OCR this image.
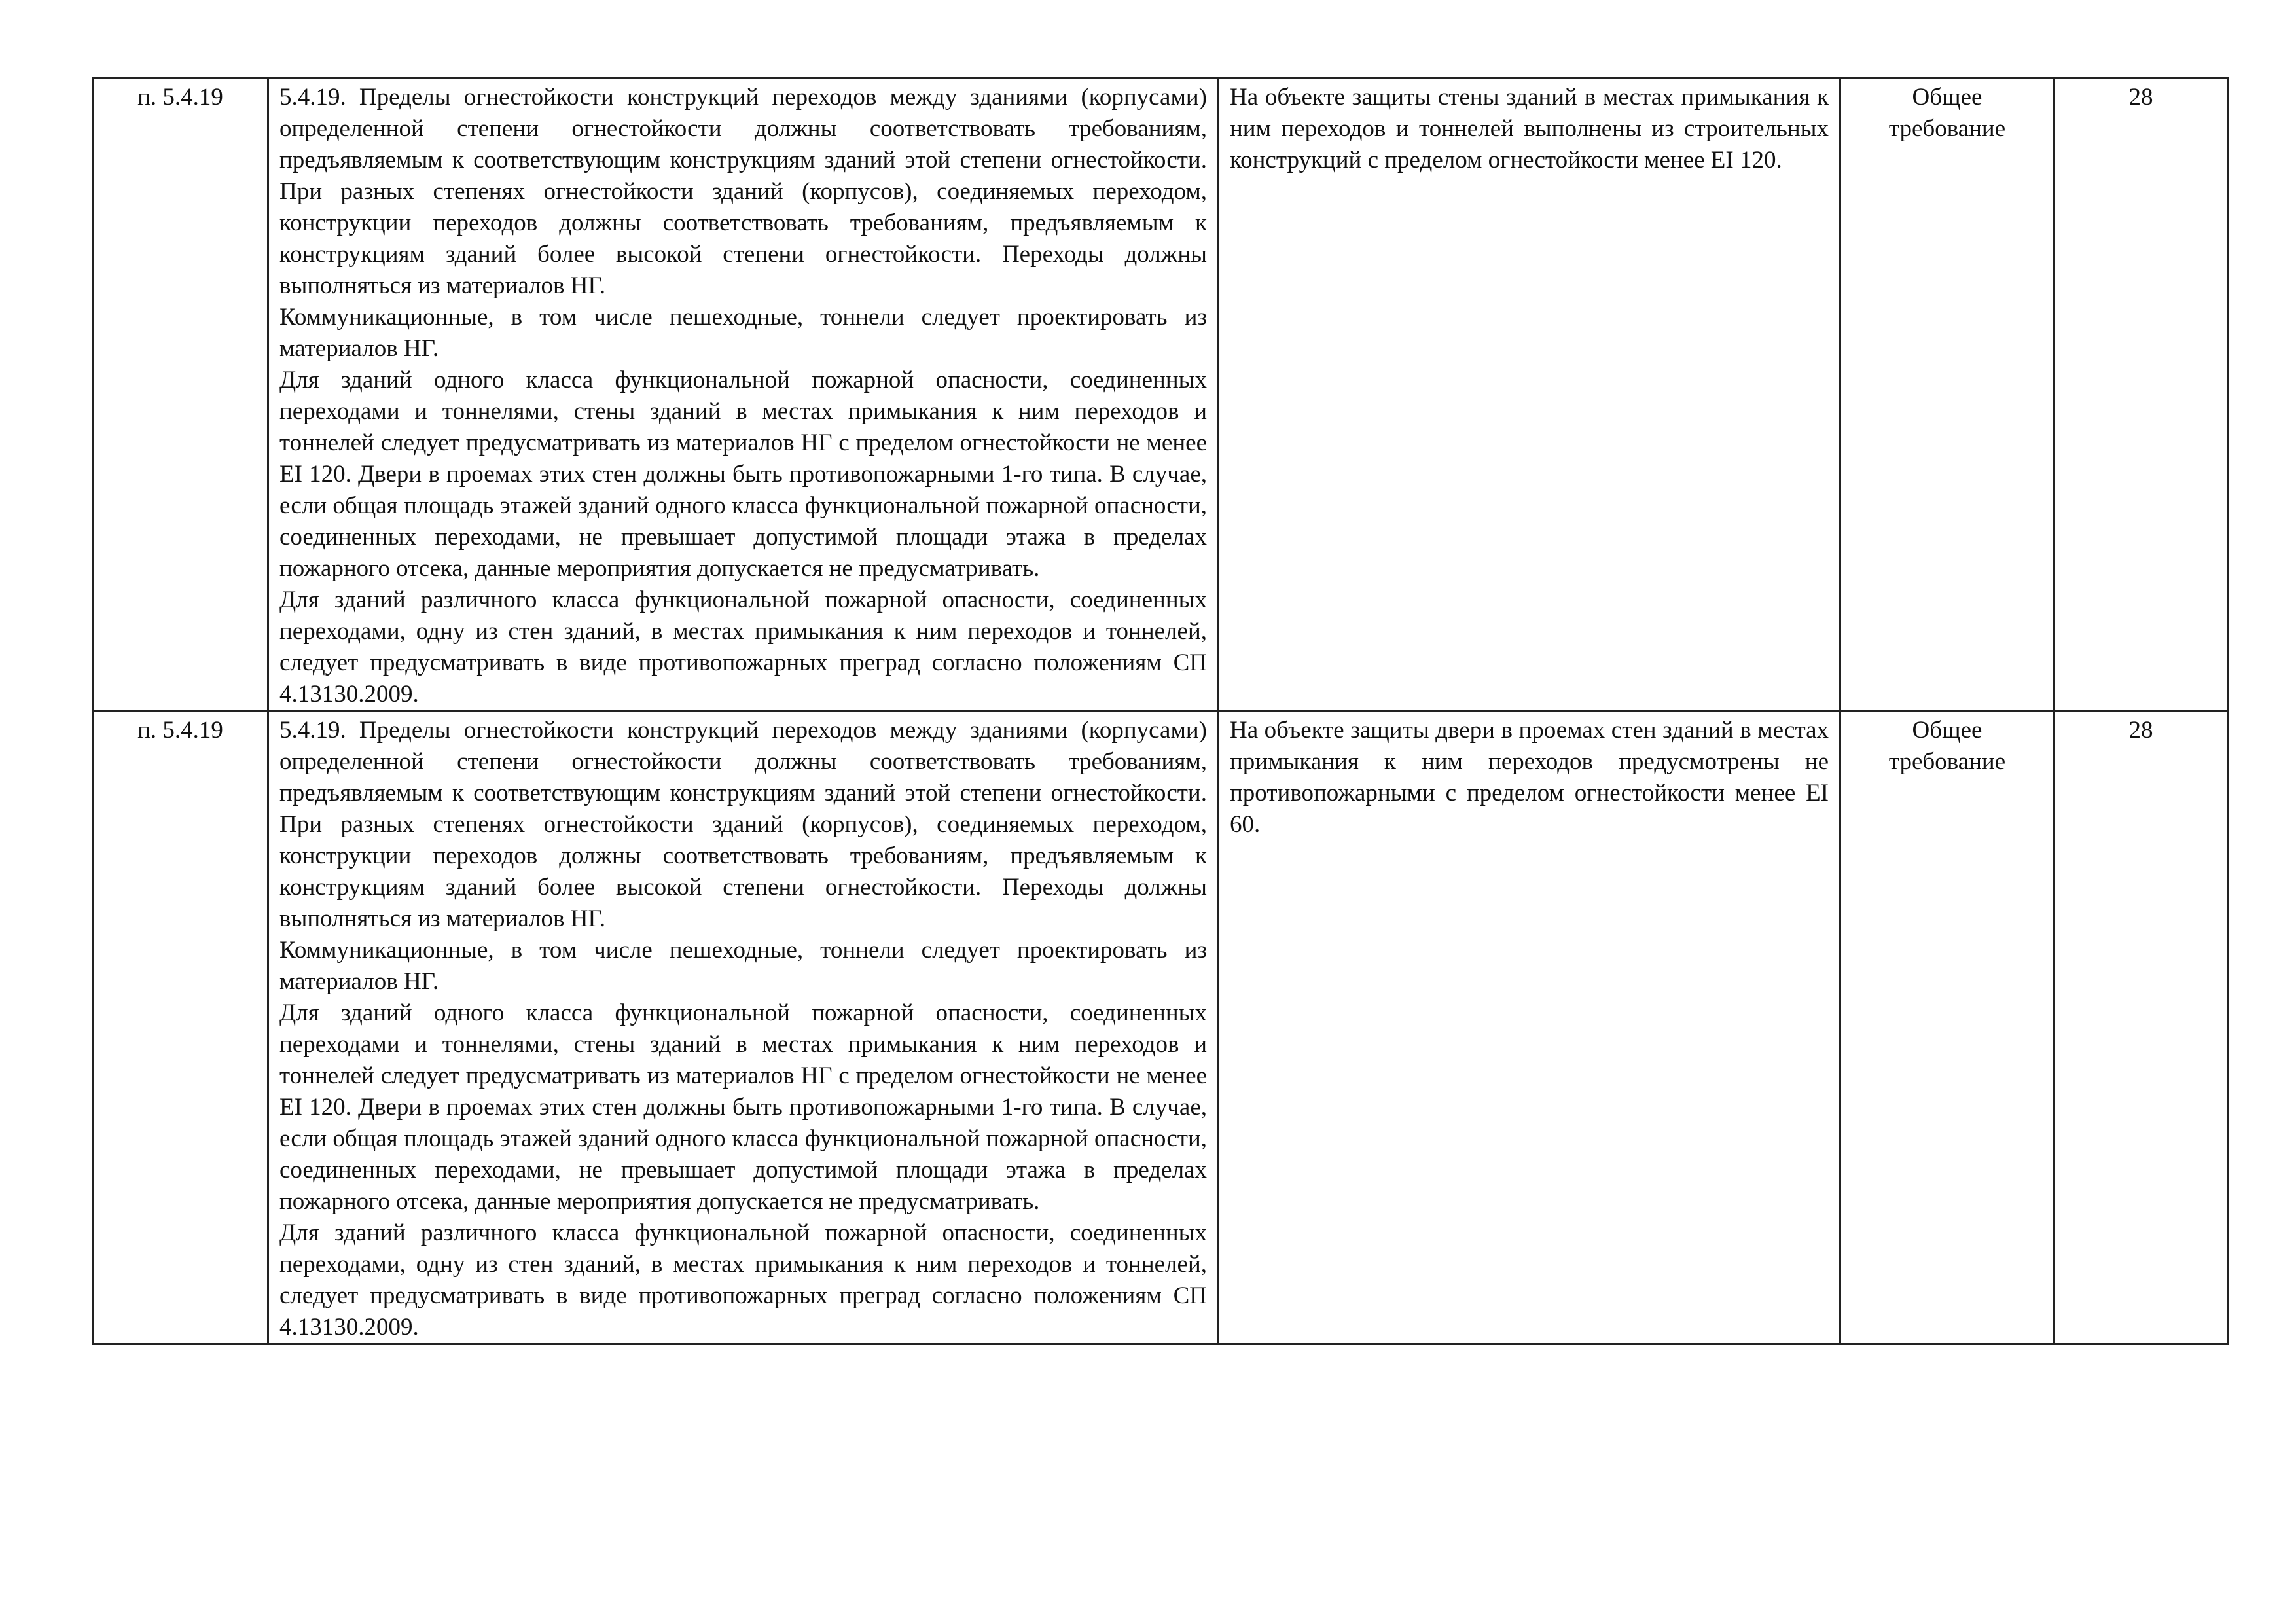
п. 5.4.19	5.4.19. Пределы огнестойкости конструкций переходов между зданиями (корпусами) определенной степени огнестойкости должны соответствовать требованиям, предъявляемым к соответствующим конструкциям зданий этой степени огнестойкости. При разных степенях огнестойкости зданий (корпусов), соединяемых переходом, конструкции переходов должны соответствовать требованиям, предъявляемым к конструкциям зданий более высокой степени огнестойкости. Переходы должны выполняться из материалов НГ.
Коммуникационные, в том числе пешеходные, тоннели следует проектировать из материалов НГ.
Для зданий одного класса функциональной пожарной опасности, соединенных переходами и тоннелями, стены зданий в местах примыкания к ним переходов и тоннелей следует предусматривать из материалов НГ с пределом огнестойкости не менее EI 120. Двери в проемах этих стен должны быть противопожарными 1-го типа. В случае, если общая площадь этажей зданий одного класса функциональной пожарной опасности, соединенных переходами, не превышает допустимой площади этажа в пределах пожарного отсека, данные мероприятия допускается не предусматривать.
Для зданий различного класса функциональной пожарной опасности, соединенных переходами, одну из стен зданий, в местах примыкания к ним переходов и тоннелей, следует предусматривать в виде противопожарных преград согласно положениям СП 4.13130.2009.	На объекте защиты стены зданий в местах примыкания к ним переходов и тоннелей выполнены из строительных конструкций с пределом огнестойкости менее EI 120.	Общее требование	28

п. 5.4.19	5.4.19. Пределы огнестойкости конструкций переходов между зданиями (корпусами) определенной степени огнестойкости должны соответствовать требованиям, предъявляемым к соответствующим конструкциям зданий этой степени огнестойкости. При разных степенях огнестойкости зданий (корпусов), соединяемых переходом, конструкции переходов должны соответствовать требованиям, предъявляемым к конструкциям зданий более высокой степени огнестойкости. Переходы должны выполняться из материалов НГ.
Коммуникационные, в том числе пешеходные, тоннели следует проектировать из материалов НГ.
Для зданий одного класса функциональной пожарной опасности, соединенных переходами и тоннелями, стены зданий в местах примыкания к ним переходов и тоннелей следует предусматривать из материалов НГ с пределом огнестойкости не менее EI 120. Двери в проемах этих стен должны быть противопожарными 1-го типа. В случае, если общая площадь этажей зданий одного класса функциональной пожарной опасности, соединенных переходами, не превышает допустимой площади этажа в пределах пожарного отсека, данные мероприятия допускается не предусматривать.
Для зданий различного класса функциональной пожарной опасности, соединенных переходами, одну из стен зданий, в местах примыкания к ним переходов и тоннелей, следует предусматривать в виде противопожарных преград согласно положениям СП 4.13130.2009.	На объекте защиты двери в проемах стен зданий в местах примыкания к ним переходов предусмотрены не противопожарными с пределом огнестойкости менее EI 60.	Общее требование	28
